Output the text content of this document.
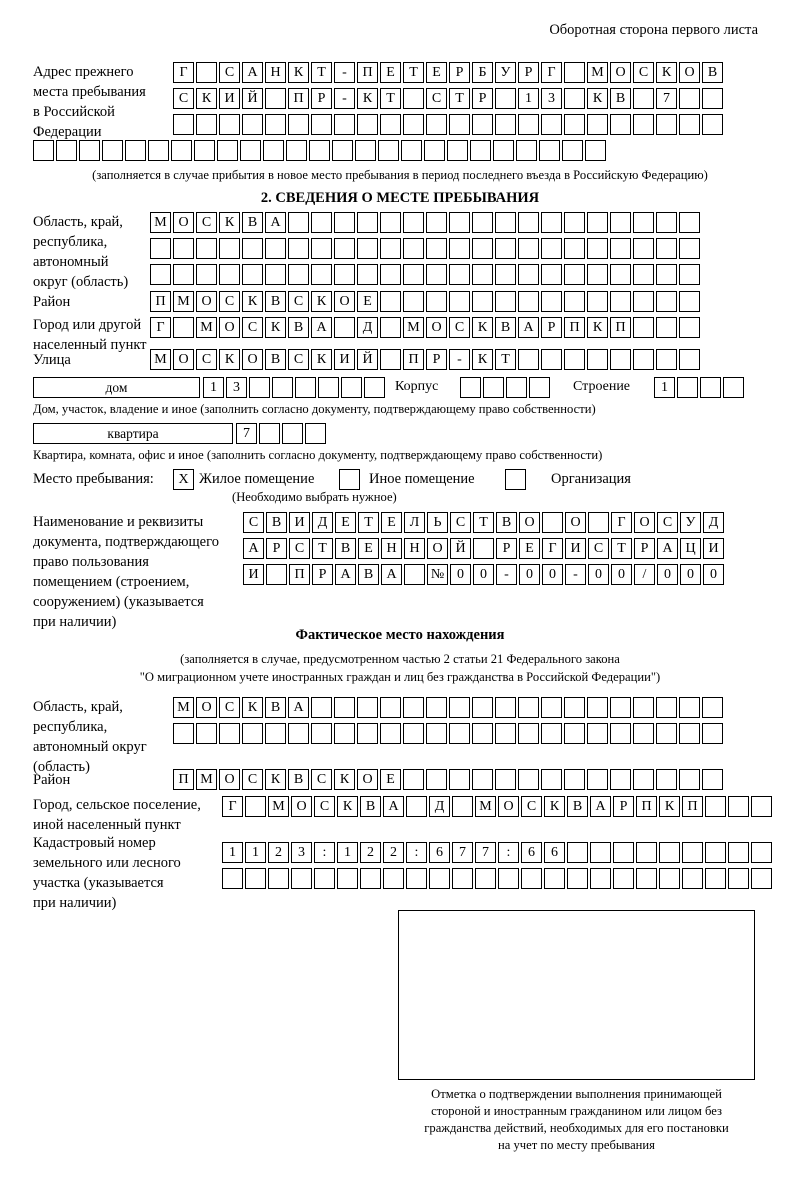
Оборотная сторона первого листа
Адрес прежнего
места пребывания
в Российской
Федерации
Г	С А Н К	Т	-	П Е	Т	Е	Р	Б	У	Р	Г	М О С К О В
С К И Й	П	Р	-	К	Т	С	Т	Р	1	3	К В	7
(заполняется в случае прибытия в новое место пребывания в период последнего въезда в Российскую Федерацию)
2. СВЕДЕНИЯ О МЕСТЕ ПРЕБЫВАНИЯ
Область, край,
республика,
автономный
округ (область)
М О С К В А
Район	П М О С К В С К О Е
Город или другой
населенный пункт
Г	М О С К В А	Д	М О С К В А	Р	П К П
Улица	М О С К О В С К И Й	П	Р	-	К	Т
дом	1	3	Корпус	Строение	1
Дом, участок, владение и иное (заполнить согласно документу, подтверждающему право собственности)
квартира	7
Квартира, комната, офис и иное (заполнить согласно документу, подтверждающему право собственности)
Место пребывания:	X Жилое помещение	Иное помещение	Организация
(Необходимо выбрать нужное)
Наименование и реквизиты
документа, подтверждающего
право пользования
помещением (строением,
сооружением) (указывается
при наличии)
С В И Д Е	Т	Е Л	Ь	С	Т	В О	О	Г О С У Д
А	Р	С	Т	В	Е Н Н О Й	Р	Е	Г И С	Т	Р	А Ц И
И	П	Р	А В А	№ 0	0	-	0	0	-	0	0	/	0	0	0
Фактическое место нахождения
(заполняется в случае, предусмотренном частью 2 статьи 21 Федерального закона
"О миграционном учете иностранных граждан и лиц без гражданства в Российской Федерации")
Область, край,
республика,
автономный округ
(область)
М О С К В А
Район	П М О С К В С К О Е
Город, сельское поселение,
иной населенный пункт
Г	М О С К В А	Д	М О С К В А	Р	П К П
Кадастровый номер
земельного или лесного
участка (указывается
при наличии)
1	1	2	3	:	1	2	2	:	6	7	7	:	6	6
Отметка о подтверждении выполнения принимающей
стороной и иностранным гражданином или лицом без
гражданства действий, необходимых для его постановки
на учет по месту пребывания
